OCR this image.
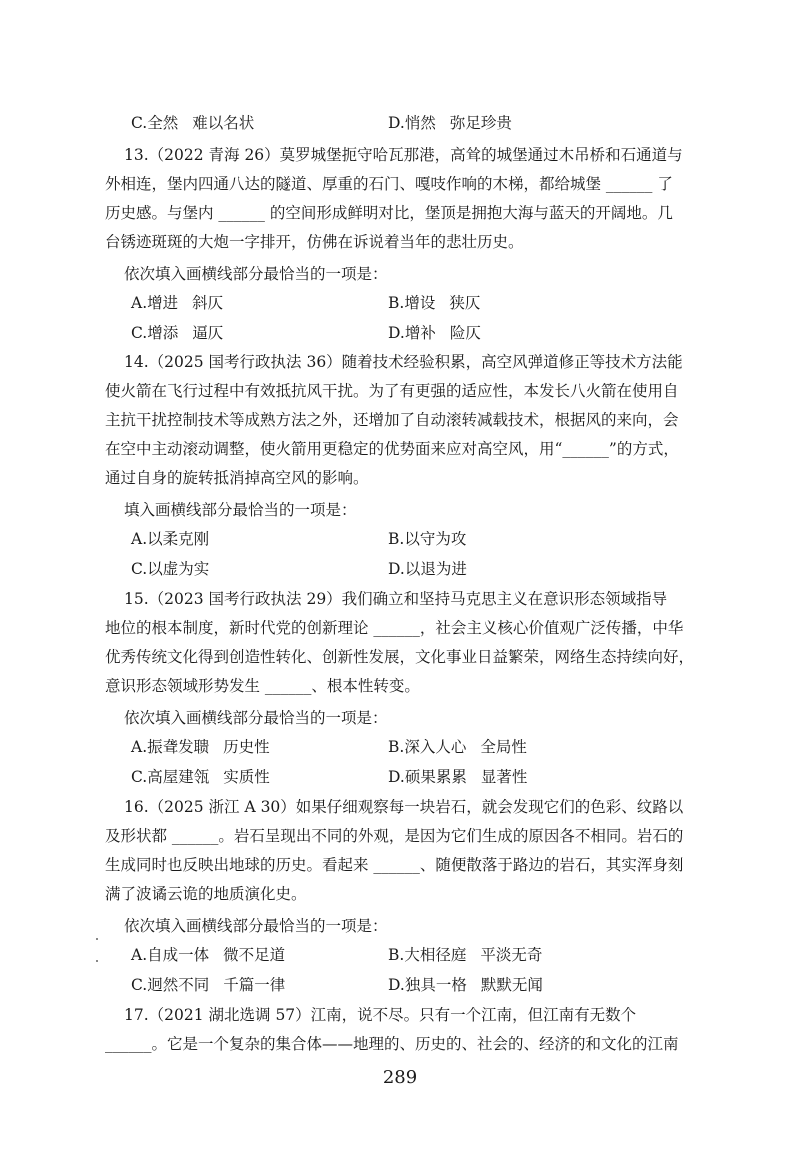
C.全然 难以名状	D.悄然 弥足珍贵
13.（2022 青海 26）莫罗城堡扼守哈瓦那港，高耸的城堡通过木吊桥和石通道与
外相连，堡内四通八达的隧道、厚重的石门、嘎吱作响的木梯，都给城堡 ______ 了
历史感。与堡内 ______ 的空间形成鲜明对比，堡顶是拥抱大海与蓝天的开阔地。几
台锈迹斑斑的大炮一字排开，仿佛在诉说着当年的悲壮历史。
依次填入画横线部分最恰当的一项是：
A.增进 斜仄	B.增设 狭仄
C.增添 逼仄	D.增补 险仄
14.（2025 国考行政执法 36）随着技术经验积累，高空风弹道修正等技术方法能
使火箭在飞行过程中有效抵抗风干扰。为了有更强的适应性，本发长八火箭在使用自
主抗干扰控制技术等成熟方法之外，还增加了自动滚转减载技术，根据风的来向，会
在空中主动滚动调整，使火箭用更稳定的优势面来应对高空风，用“______”的方式，
通过自身的旋转抵消掉高空风的影响。
填入画横线部分最恰当的一项是：
A.以柔克刚	B.以守为攻
C.以虚为实	D.以退为进
15.（2023 国考行政执法 29）我们确立和坚持马克思主义在意识形态领域指导
地位的根本制度，新时代党的创新理论 ______，社会主义核心价值观广泛传播，中华
优秀传统文化得到创造性转化、创新性发展，文化事业日益繁荣，网络生态持续向好，
意识形态领域形势发生 ______、根本性转变。
依次填入画横线部分最恰当的一项是：
A.振聋发聩 历史性	B.深入人心 全局性
C.高屋建瓴 实质性	D.硕果累累 显著性
16.（2025 浙江 A 30）如果仔细观察每一块岩石，就会发现它们的色彩、纹路以
及形状都 ______。岩石呈现出不同的外观，是因为它们生成的原因各不相同。岩石的
生成同时也反映出地球的历史。看起来 ______、随便散落于路边的岩石，其实浑身刻
满了波谲云诡的地质演化史。
依次填入画横线部分最恰当的一项是：
A.自成一体 微不足道	B.大相径庭 平淡无奇
C.迥然不同 千篇一律	D.独具一格 默默无闻
17.（2021 湖北选调 57）江南，说不尽。只有一个江南，但江南有无数个
______。它是一个复杂的集合体——地理的、历史的、社会的、经济的和文化的江南
289
